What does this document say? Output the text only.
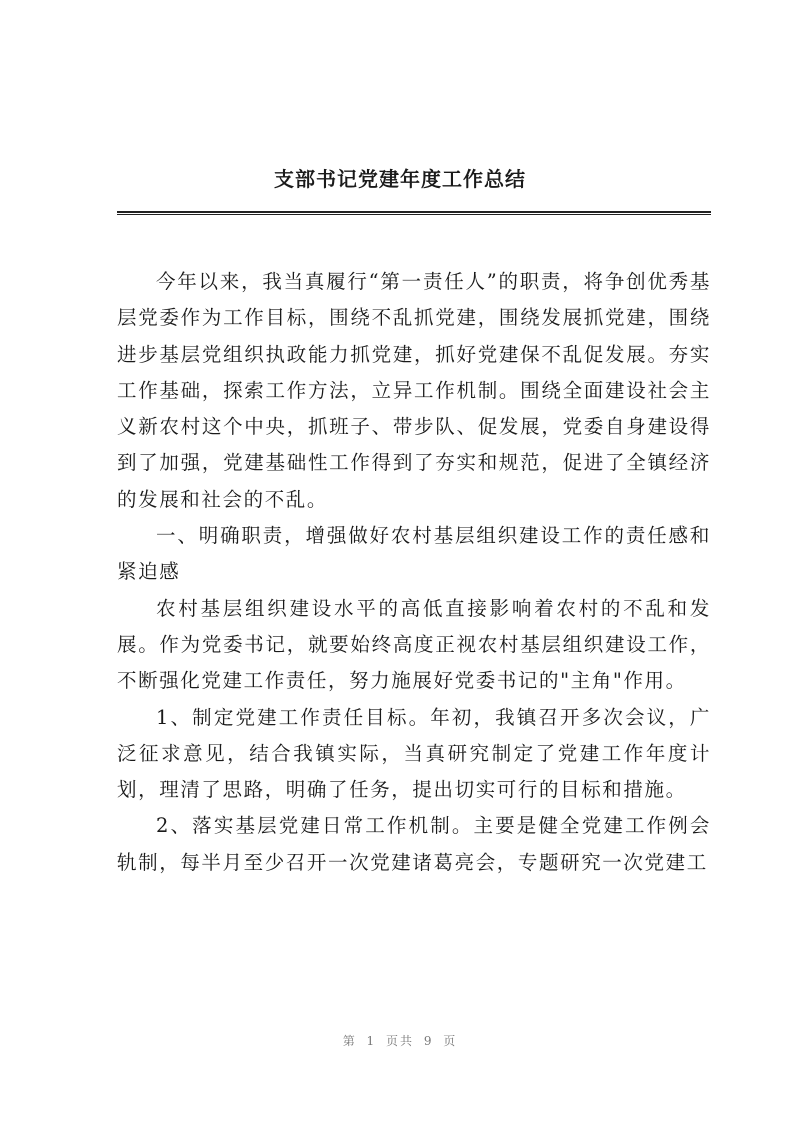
支部书记党建年度工作总结

今年以来，我当真履行“第一责任人”的职责，将争创优秀基层党委作为工作目标，围绕不乱抓党建，围绕发展抓党建，围绕进步基层党组织执政能力抓党建，抓好党建保不乱促发展。夯实工作基础，探索工作方法，立异工作机制。围绕全面建设社会主义新农村这个中央，抓班子、带步队、促发展，党委自身建设得到了加强，党建基础性工作得到了夯实和规范，促进了全镇经济的发展和社会的不乱。

一、明确职责，增强做好农村基层组织建设工作的责任感和紧迫感

农村基层组织建设水平的高低直接影响着农村的不乱和发展。作为党委书记，就要始终高度正视农村基层组织建设工作，不断强化党建工作责任，努力施展好党委书记的"主角"作用。

1、制定党建工作责任目标。年初，我镇召开多次会议，广泛征求意见，结合我镇实际，当真研究制定了党建工作年度计划，理清了思路，明确了任务，提出切实可行的目标和措施。

2、落实基层党建日常工作机制。主要是健全党建工作例会轨制，每半月至少召开一次党建诸葛亮会，专题研究一次党建工

第 1 页共 9 页
